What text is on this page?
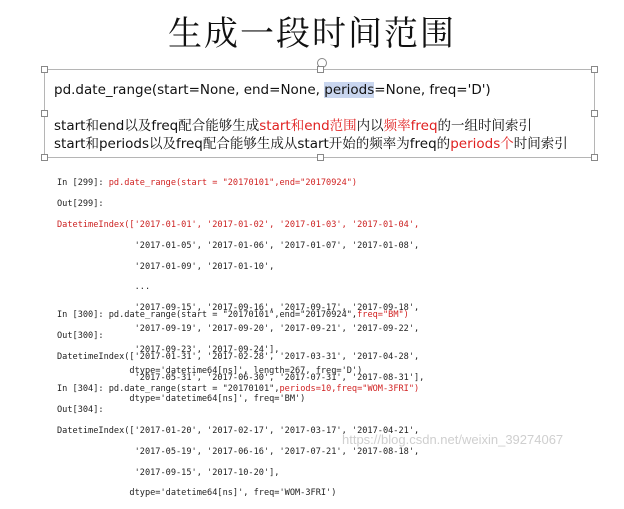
生成一段时间范围
pd.date_range(start=None, end=None, periods=None, freq='D')
start和end以及freq配合能够生成start和end范围内以频率freq的一组时间索引
start和periods以及freq配合能够生成从start开始的频率为freq的periods个时间索引

In [299]: pd.date_range(start = "20170101",end="20170924")

Out[299]:

DatetimeIndex(['2017-01-01', '2017-01-02', '2017-01-03', '2017-01-04',

'2017-01-05', '2017-01-06', '2017-01-07', '2017-01-08',

'2017-01-09', '2017-01-10',

...

'2017-09-15', '2017-09-16', '2017-09-17', '2017-09-18',

'2017-09-19', '2017-09-20', '2017-09-21', '2017-09-22',

'2017-09-23', '2017-09-24'],

dtype='datetime64[ns]', length=267, freq='D')

In [300]: pd.date_range(start = "20170101",end="20170924",freq="BM")

Out[300]:

DatetimeIndex(['2017-01-31', '2017-02-28', '2017-03-31', '2017-04-28',

'2017-05-31', '2017-06-30', '2017-07-31', '2017-08-31'],

dtype='datetime64[ns]', freq='BM')

In [304]: pd.date_range(start = "20170101",periods=10,freq="WOM-3FRI")

Out[304]:

DatetimeIndex(['2017-01-20', '2017-02-17', '2017-03-17', '2017-04-21',

'2017-05-19', '2017-06-16', '2017-07-21', '2017-08-18',

'2017-09-15', '2017-10-20'],

dtype='datetime64[ns]', freq='WOM-3FRI')

https://blog.csdn.net/weixin_39274067
